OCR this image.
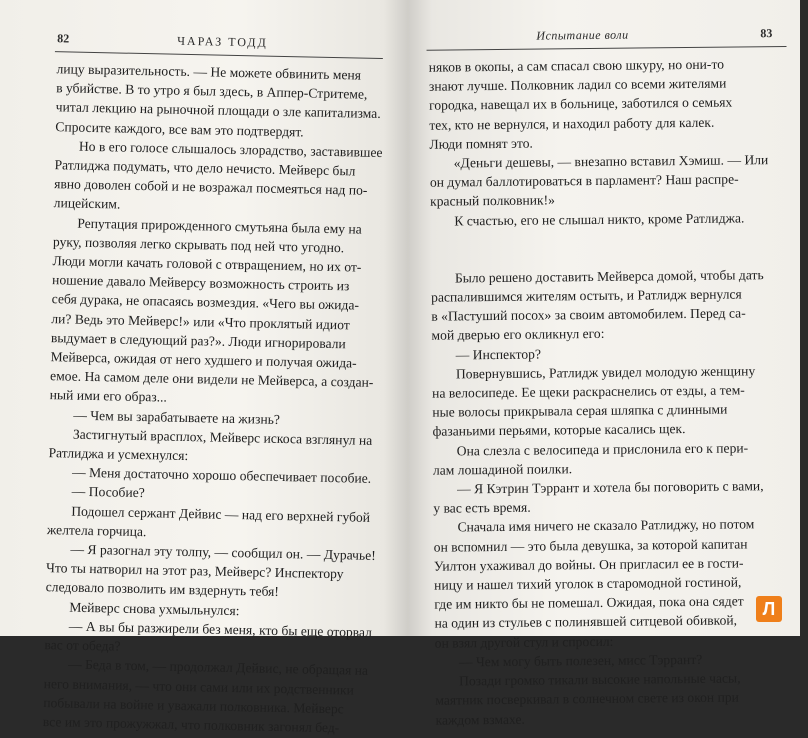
82	ЧАРАЗ ТОДД
лицу выразительность. — Не можете обвинить меня
в убийстве. В то утро я был здесь, в Аппер-Стритеме,
читал лекцию на рыночной площади о зле капитализма.
Спросите каждого, все вам это подтвердят.
Но в его голосе слышалось злорадство, заставившее
Ратлиджа подумать, что дело нечисто. Мейверс был
явно доволен собой и не возражал посмеяться над по-
лицейским.
Репутация прирожденного смутьяна была ему на
руку, позволяя легко скрывать под ней что угодно.
Люди могли качать головой с отвращением, но их от-
ношение давало Мейверсу возможность строить из
себя дурака, не опасаясь возмездия. «Чего вы ожида-
ли? Ведь это Мейверс!» или «Что проклятый идиот
выдумает в следующий раз?». Люди игнорировали
Мейверса, ожидая от него худшего и получая ожида-
емое. На самом деле они видели не Мейверса, а создан-
ный ими его образ...
— Чем вы зарабатываете на жизнь?
Застигнутый врасплох, Мейверс искоса взглянул на
Ратлиджа и усмехнулся:
— Меня достаточно хорошо обеспечивает пособие.
— Пособие?
Подошел сержант Дейвис — над его верхней губой
желтела горчица.
— Я разогнал эту толпу, — сообщил он. — Дурачье!
Что ты натворил на этот раз, Мейверс? Инспектору
следовало позволить им вздернуть тебя!
Мейверс снова ухмыльнулся:
— А вы бы разжирели без меня, кто бы еще оторвал
вас от обеда?
— Беда в том, — продолжал Дейвис, не обращая на
него внимания, — что они сами или их родственники
побывали на войне и уважали полковника. Мейверс
все им это прожужжал, что полковник загонял бед-
Испытание воли	83
няков в окопы, а сам спасал свою шкуру, но они-то
знают лучше. Полковник ладил со всеми жителями
городка, навещал их в больнице, заботился о семьях
тех, кто не вернулся, и находил работу для калек.
Люди помнят это.
«Деньги дешевы, — внезапно вставил Хэмиш. — Или
он думал баллотироваться в парламент? Наш распре-
красный полковник!»
К счастью, его не слышал никто, кроме Ратлиджа.
Было решено доставить Мейверса домой, чтобы дать
распалившимся жителям остыть, и Ратлидж вернулся
в «Пастуший посох» за своим автомобилем. Перед са-
мой дверью его окликнул его:
— Инспектор?
Повернувшись, Ратлидж увидел молодую женщину
на велосипеде. Ее щеки раскраснелись от езды, а тем-
ные волосы прикрывала серая шляпка с длинными
фазаньими перьями, которые касались щек.
Она слезла с велосипеда и прислонила его к пери-
лам лошадиной поилки.
— Я Кэтрин Тэррант и хотела бы поговорить с вами,
у вас есть время.
Сначала имя ничего не сказало Ратлиджу, но потом
он вспомнил — это была девушка, за которой капитан
Уилтон ухаживал до войны. Он пригласил ее в гости-
ницу и нашел тихий уголок в старомодной гостиной,
где им никто бы не помешал. Ожидая, пока она сядет
на один из стульев с полинявшей ситцевой обивкой,
он взял другой стул и спросил:
— Чем могу быть полезен, мисс Тэррант?
Позади громко тикали высокие напольные часы,
маятник посверкивал в солнечном свете из окон при
каждом взмахе.
Л
